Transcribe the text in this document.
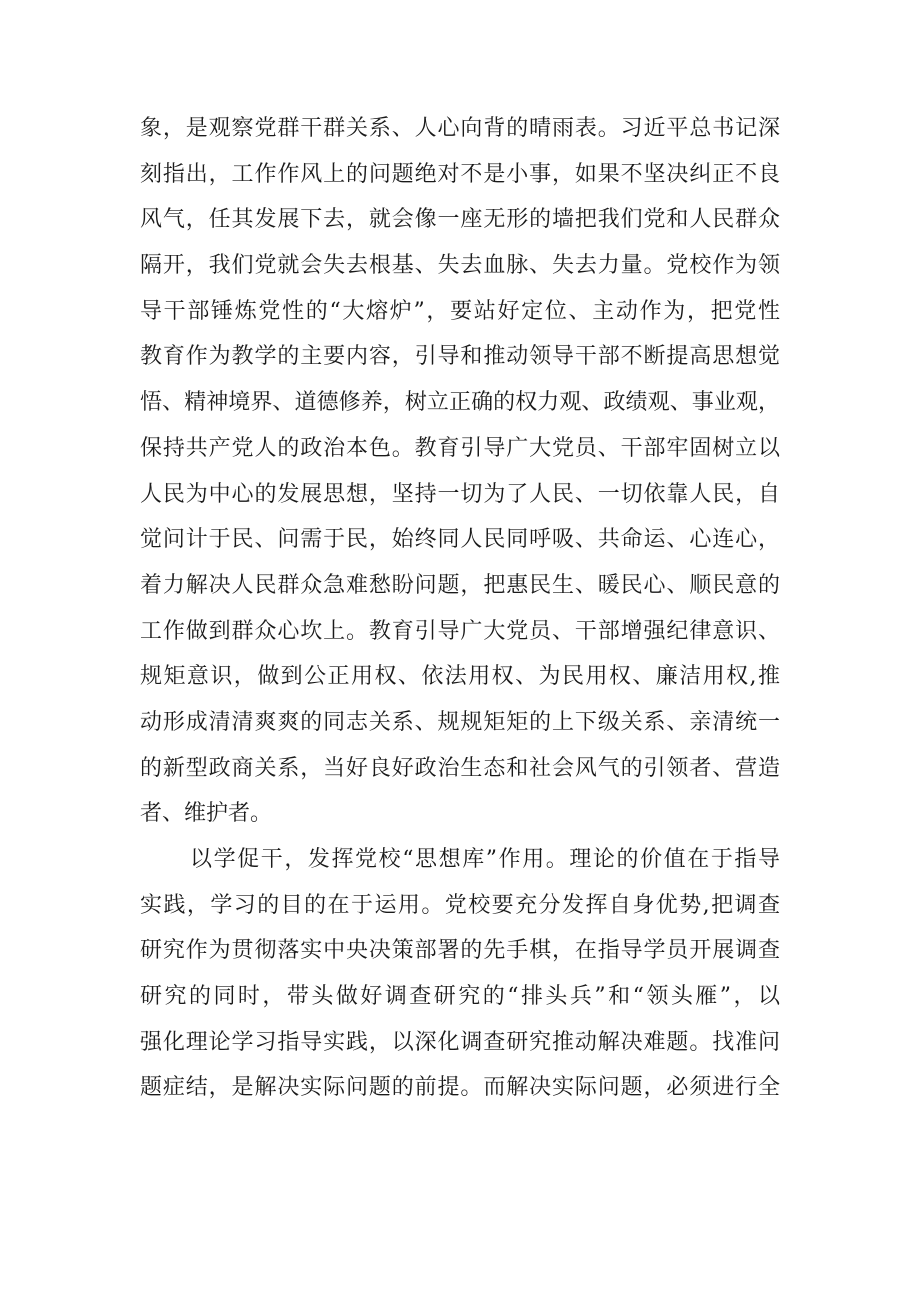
象，是观察党群干群关系、人心向背的晴雨表。习近平总书记深
刻指出，工作作风上的问题绝对不是小事，如果不坚决纠正不良
风气，任其发展下去，就会像一座无形的墙把我们党和人民群众
隔开，我们党就会失去根基、失去血脉、失去力量。党校作为领
导干部锤炼党性的“大熔炉”，要站好定位、主动作为，把党性
教育作为教学的主要内容，引导和推动领导干部不断提高思想觉
悟、精神境界、道德修养，树立正确的权力观、政绩观、事业观，
保持共产党人的政治本色。教育引导广大党员、干部牢固树立以
人民为中心的发展思想，坚持一切为了人民、一切依靠人民，自
觉问计于民、问需于民，始终同人民同呼吸、共命运、心连心，
着力解决人民群众急难愁盼问题，把惠民生、暖民心、顺民意的
工作做到群众心坎上。教育引导广大党员、干部增强纪律意识、
规矩意识，做到公正用权、依法用权、为民用权、廉洁用权,推
动形成清清爽爽的同志关系、规规矩矩的上下级关系、亲清统一
的新型政商关系，当好良好政治生态和社会风气的引领者、营造
者、维护者。
以学促干，发挥党校“思想库”作用。理论的价值在于指导
实践，学习的目的在于运用。党校要充分发挥自身优势,把调查
研究作为贯彻落实中央决策部署的先手棋，在指导学员开展调查
研究的同时，带头做好调查研究的“排头兵”和“领头雁”，以
强化理论学习指导实践，以深化调查研究推动解决难题。找准问
题症结，是解决实际问题的前提。而解决实际问题，必须进行全
